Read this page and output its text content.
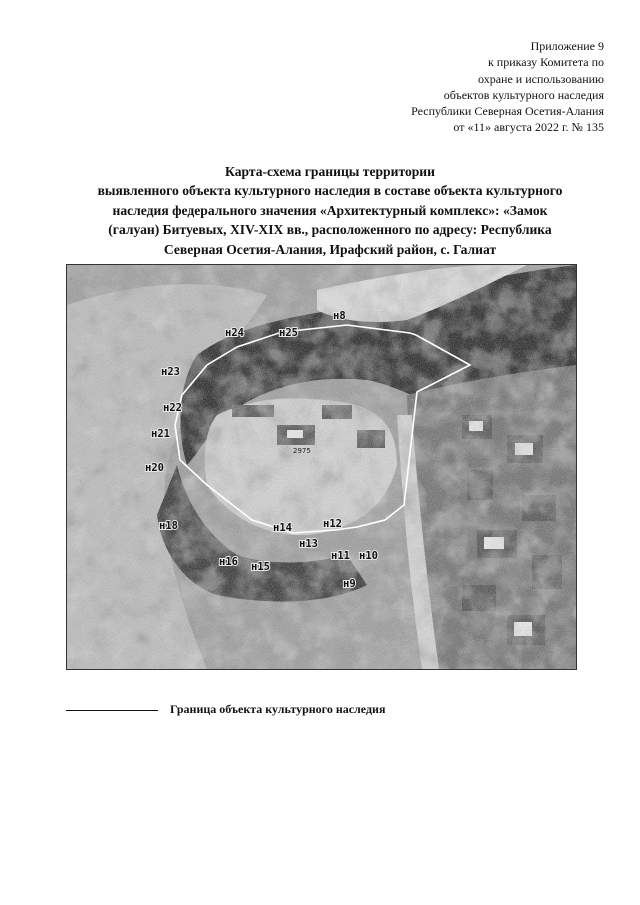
Приложение 9
к приказу Комитета по
охране и использованию
объектов культурного наследия
Республики Северная Осетия-Алания
от «11» августа 2022 г. № 135
Карта-схема границы территории
выявленного объекта культурного наследия в составе объекта культурного
наследия федерального значения «Архитектурный комплекс»: «Замок
(галуан) Битуевых, XIV-XIX вв., расположенного по адресу: Республика
Северная Осетия-Алания, Ирафский район, с. Галиат
2975
н24	н25
н23
н22
н21
н20
н18
н16 н15
н14
н13
н12
н11 н10
н9
н8
Граница объекта культурного наследия
